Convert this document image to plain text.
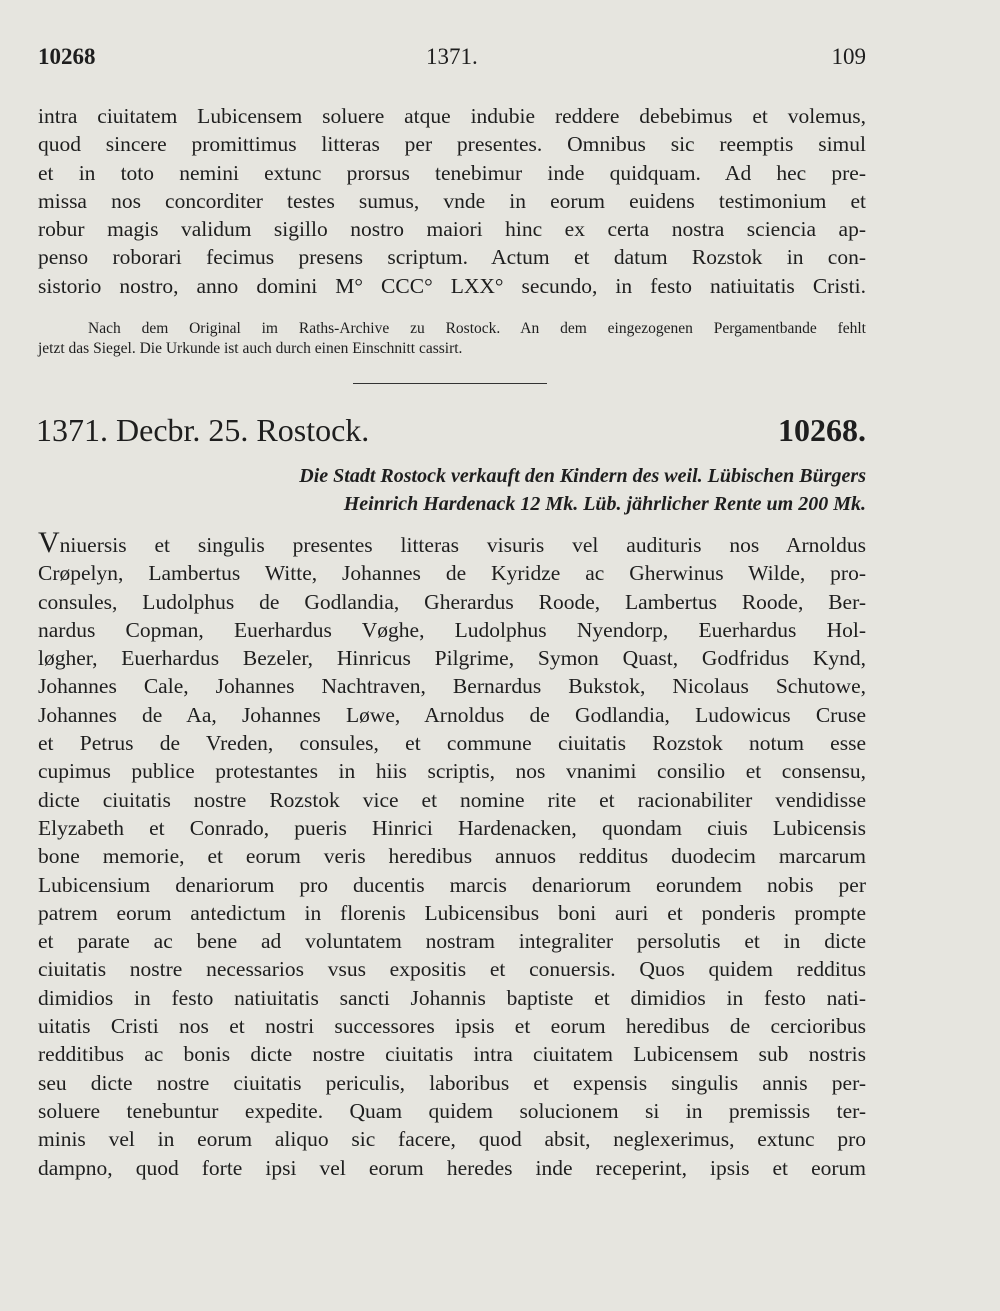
10268	1371.	109
intra ciuitatem Lubicensem soluere atque indubie reddere debebimus et volemus,
quod sincere promittimus litteras per presentes. Omnibus sic reemptis simul
et in toto nemini extunc prorsus tenebimur inde quidquam. Ad hec pre-
missa nos concorditer testes sumus, vnde in eorum euidens testimonium et
robur magis validum sigillo nostro maiori hinc ex certa nostra sciencia ap-
penso roborari fecimus presens scriptum. Actum et datum Rozstok in con-
sistorio nostro, anno domini M° CCC° LXX° secundo, in festo natiuitatis Cristi.
Nach dem Original im Raths-Archive zu Rostock. An dem eingezogenen Pergamentbande fehlt
jetzt das Siegel. Die Urkunde ist auch durch einen Einschnitt cassirt.
1371. Decbr. 25. Rostock.	10268.
Die Stadt Rostock verkauft den Kindern des weil. Lübischen Bürgers
Heinrich Hardenack 12 Mk. Lüb. jährlicher Rente um 200 Mk.
Vniuersis et singulis presentes litteras visuris vel audituris nos Arnoldus
Crøpelyn, Lambertus Witte, Johannes de Kyridze ac Gherwinus Wilde, pro-
consules, Ludolphus de Godlandia, Gherardus Roode, Lambertus Roode, Ber-
nardus Copman, Euerhardus Vøghe, Ludolphus Nyendorp, Euerhardus Hol-
løgher, Euerhardus Bezeler, Hinricus Pilgrime, Symon Quast, Godfridus Kynd,
Johannes Cale, Johannes Nachtraven, Bernardus Bukstok, Nicolaus Schutowe,
Johannes de Aa, Johannes Løwe, Arnoldus de Godlandia, Ludowicus Cruse
et Petrus de Vreden, consules, et commune ciuitatis Rozstok notum esse
cupimus publice protestantes in hiis scriptis, nos vnanimi consilio et consensu,
dicte ciuitatis nostre Rozstok vice et nomine rite et racionabiliter vendidisse
Elyzabeth et Conrado, pueris Hinrici Hardenacken, quondam ciuis Lubicensis
bone memorie, et eorum veris heredibus annuos redditus duodecim marcarum
Lubicensium denariorum pro ducentis marcis denariorum eorundem nobis per
patrem eorum antedictum in florenis Lubicensibus boni auri et ponderis prompte
et parate ac bene ad voluntatem nostram integraliter persolutis et in dicte
ciuitatis nostre necessarios vsus expositis et conuersis. Quos quidem redditus
dimidios in festo natiuitatis sancti Johannis baptiste et dimidios in festo nati-
uitatis Cristi nos et nostri successores ipsis et eorum heredibus de cercioribus
redditibus ac bonis dicte nostre ciuitatis intra ciuitatem Lubicensem sub nostris
seu dicte nostre ciuitatis periculis, laboribus et expensis singulis annis per-
soluere tenebuntur expedite. Quam quidem solucionem si in premissis ter-
minis vel in eorum aliquo sic facere, quod absit, neglexerimus, extunc pro
dampno, quod forte ipsi vel eorum heredes inde receperint, ipsis et eorum
